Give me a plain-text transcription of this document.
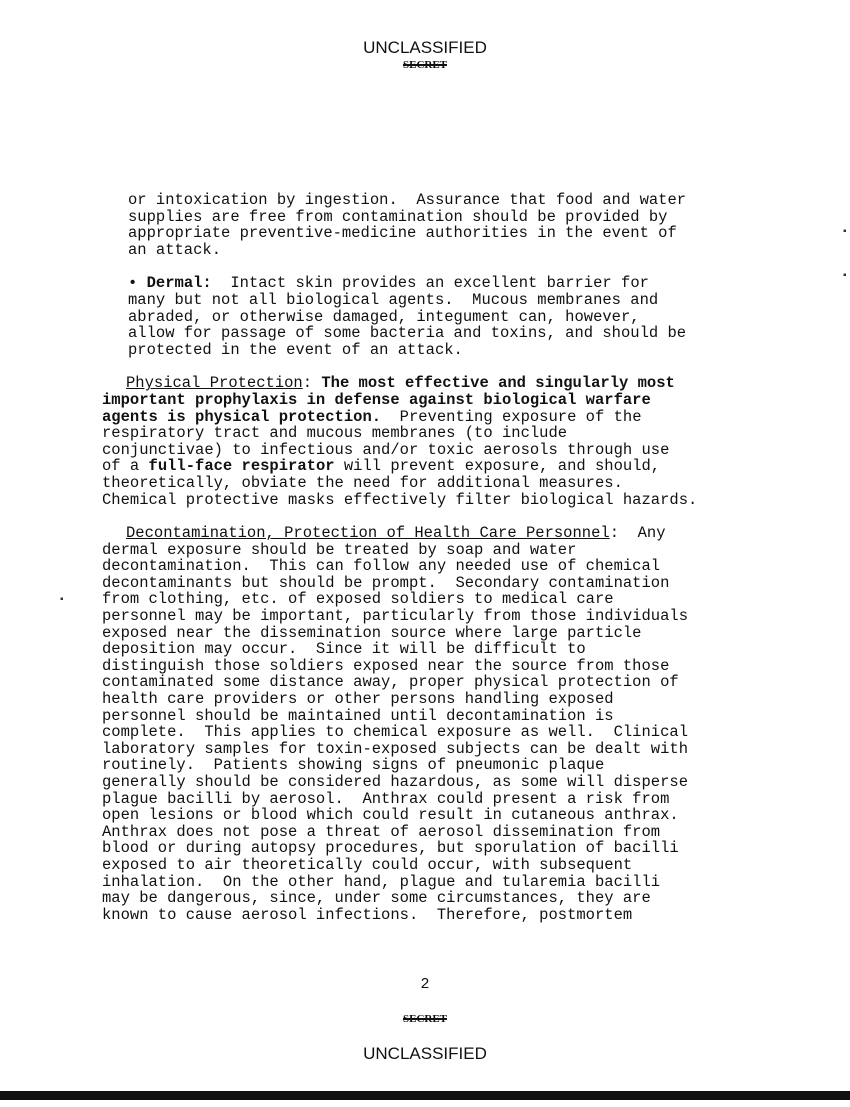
UNCLASSIFIED
SECRET
or intoxication by ingestion.  Assurance that food and water
supplies are free from contamination should be provided by
appropriate preventive-medicine authorities in the event of
an attack.
• Dermal:  Intact skin provides an excellent barrier for
many but not all biological agents.  Mucous membranes and
abraded, or otherwise damaged, integument can, however,
allow for passage of some bacteria and toxins, and should be
protected in the event of an attack.
Physical Protection: The most effective and singularly most
important prophylaxis in defense against biological warfare
agents is physical protection.  Preventing exposure of the
respiratory tract and mucous membranes (to include
conjunctivae) to infectious and/or toxic aerosols through use
of a full-face respirator will prevent exposure, and should,
theoretically, obviate the need for additional measures.
Chemical protective masks effectively filter biological hazards.
Decontamination, Protection of Health Care Personnel:  Any
dermal exposure should be treated by soap and water
decontamination.  This can follow any needed use of chemical
decontaminants but should be prompt.  Secondary contamination
from clothing, etc. of exposed soldiers to medical care
personnel may be important, particularly from those individuals
exposed near the dissemination source where large particle
deposition may occur.  Since it will be difficult to
distinguish those soldiers exposed near the source from those
contaminated some distance away, proper physical protection of
health care providers or other persons handling exposed
personnel should be maintained until decontamination is
complete.  This applies to chemical exposure as well.  Clinical
laboratory samples for toxin-exposed subjects can be dealt with
routinely.  Patients showing signs of pneumonic plaque
generally should be considered hazardous, as some will disperse
plague bacilli by aerosol.  Anthrax could present a risk from
open lesions or blood which could result in cutaneous anthrax.
Anthrax does not pose a threat of aerosol dissemination from
blood or during autopsy procedures, but sporulation of bacilli
exposed to air theoretically could occur, with subsequent
inhalation.  On the other hand, plague and tularemia bacilli
may be dangerous, since, under some circumstances, they are
known to cause aerosol infections.  Therefore, postmortem
▪
▪
▪
2
SECRET
UNCLASSIFIED
